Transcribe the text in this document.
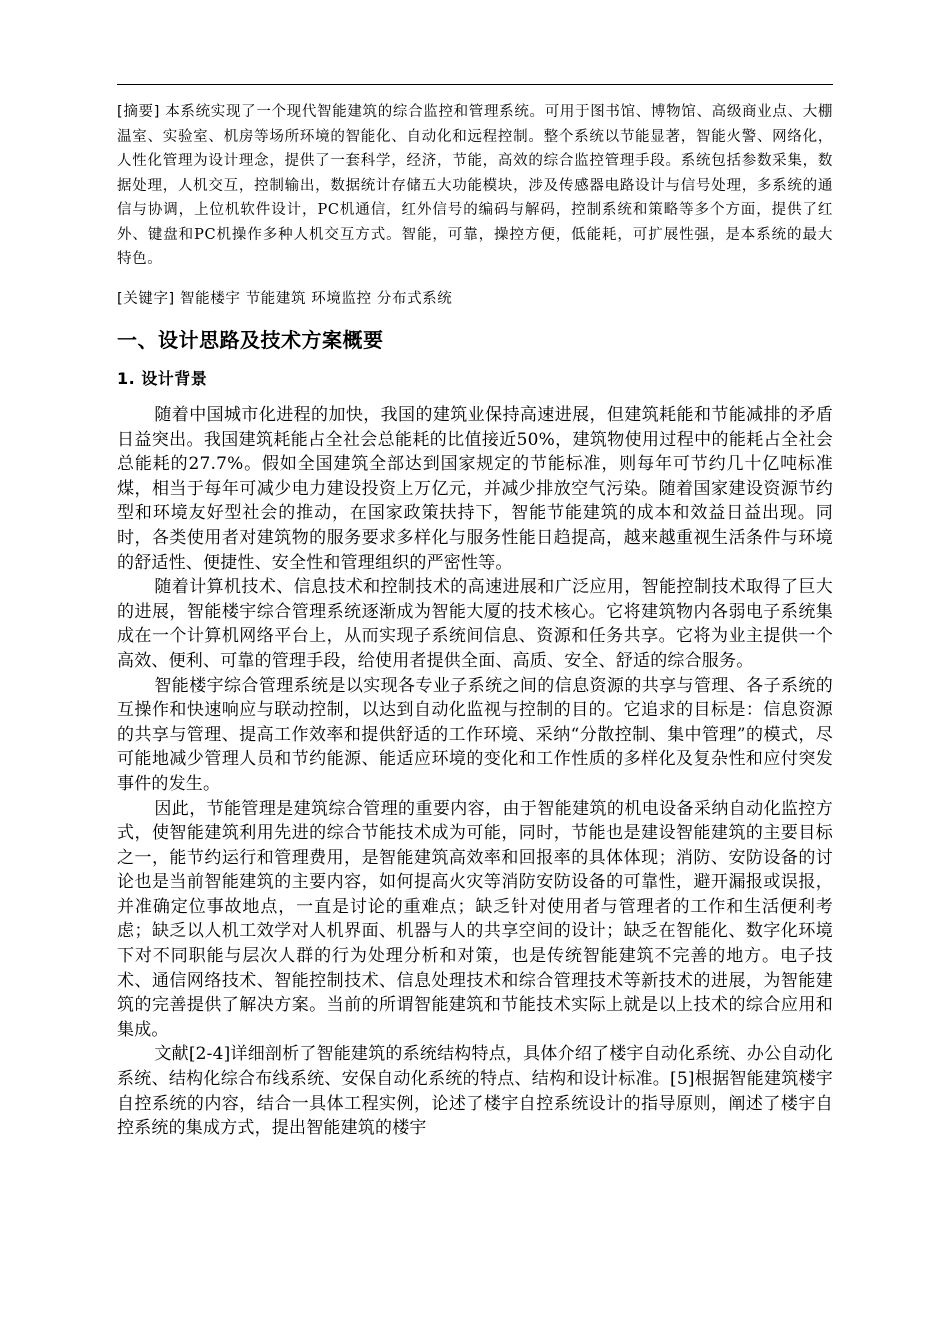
[摘要] 本系统实现了一个现代智能建筑的综合监控和管理系统。可用于图书馆、博物馆、高级商业点、大棚温室、实验室、机房等场所环境的智能化、自动化和远程控制。整个系统以节能显著，智能火警、网络化，人性化管理为设计理念，提供了一套科学，经济，节能，高效的综合监控管理手段。系统包括参数采集，数据处理，人机交互，控制输出，数据统计存储五大功能模块，涉及传感器电路设计与信号处理，多系统的通信与协调，上位机软件设计，PC机通信，红外信号的编码与解码，控制系统和策略等多个方面，提供了红外、键盘和PC机操作多种人机交互方式。智能，可靠，操控方便，低能耗，可扩展性强，是本系统的最大特色。
[关键字] 智能楼宇 节能建筑 环境监控 分布式系统
一、设计思路及技术方案概要
1. 设计背景

随着中国城市化进程的加快，我国的建筑业保持高速进展，但建筑耗能和节能减排的矛盾日益突出。我国建筑耗能占全社会总能耗的比值接近50%，建筑物使用过程中的能耗占全社会总能耗的27.7%。假如全国建筑全部达到国家规定的节能标准，则每年可节约几十亿吨标准煤，相当于每年可减少电力建设投资上万亿元，并减少排放空气污染。随着国家建设资源节约型和环境友好型社会的推动，在国家政策扶持下，智能节能建筑的成本和效益日益出现。同时，各类使用者对建筑物的服务要求多样化与服务性能日趋提高，越来越重视生活条件与环境的舒适性、便捷性、安全性和管理组织的严密性等。

随着计算机技术、信息技术和控制技术的高速进展和广泛应用，智能控制技术取得了巨大的进展，智能楼宇综合管理系统逐渐成为智能大厦的技术核心。它将建筑物内各弱电子系统集成在一个计算机网络平台上，从而实现子系统间信息、资源和任务共享。它将为业主提供一个高效、便利、可靠的管理手段，给使用者提供全面、高质、安全、舒适的综合服务。

智能楼宇综合管理系统是以实现各专业子系统之间的信息资源的共享与管理、各子系统的互操作和快速响应与联动控制，以达到自动化监视与控制的目的。它追求的目标是：信息资源的共享与管理、提高工作效率和提供舒适的工作环境、采纳“分散控制、集中管理”的模式，尽可能地减少管理人员和节约能源、能适应环境的变化和工作性质的多样化及复杂性和应付突发事件的发生。

因此，节能管理是建筑综合管理的重要内容，由于智能建筑的机电设备采纳自动化监控方式，使智能建筑利用先进的综合节能技术成为可能，同时，节能也是建设智能建筑的主要目标之一，能节约运行和管理费用，是智能建筑高效率和回报率的具体体现；消防、安防设备的讨论也是当前智能建筑的主要内容，如何提高火灾等消防安防设备的可靠性，避开漏报或误报，并准确定位事故地点，一直是讨论的重难点；缺乏针对使用者与管理者的工作和生活便利考虑；缺乏以人机工效学对人机界面、机器与人的共享空间的设计；缺乏在智能化、数字化环境下对不同职能与层次人群的行为处理分析和对策，也是传统智能建筑不完善的地方。电子技术、通信网络技术、智能控制技术、信息处理技术和综合管理技术等新技术的进展，为智能建筑的完善提供了解决方案。当前的所谓智能建筑和节能技术实际上就是以上技术的综合应用和集成。

文献[2-4]详细剖析了智能建筑的系统结构特点，具体介绍了楼宇自动化系统、办公自动化系统、结构化综合布线系统、安保自动化系统的特点、结构和设计标准。[5]根据智能建筑楼宇自控系统的内容，结合一具体工程实例，论述了楼宇自控系统设计的指导原则，阐述了楼宇自控系统的集成方式，提出智能建筑的楼宇
